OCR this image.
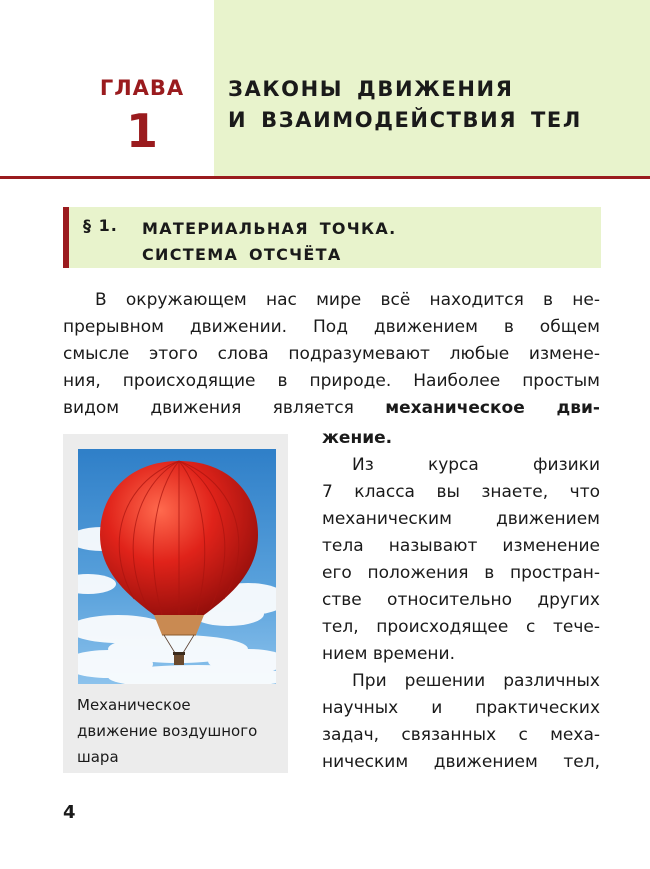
ГЛАВА
1
ЗАКОНЫ ДВИЖЕНИЯ
И ВЗАИМОДЕЙСТВИЯ ТЕЛ
§ 1. МАТЕРИАЛЬНАЯ ТОЧКА.
СИСТЕМА ОТСЧЁТА
В окружающем нас мире всё находится в не-
прерывном движении. Под движением в общем
смысле этого слова подразумевают любые измене-
ния, происходящие в природе. Наиболее простым
видом движения является механическое дви-
жение.
Из курса физики
7 класса вы знаете, что
механическим движением
тела называют изменение
его положения в простран-
стве относительно других
тел, происходящее с тече-
нием времени.
При решении различных
научных и практических
задач, связанных с меха-
ническим движением тел,
Механическое
движение воздушного
шара
4
